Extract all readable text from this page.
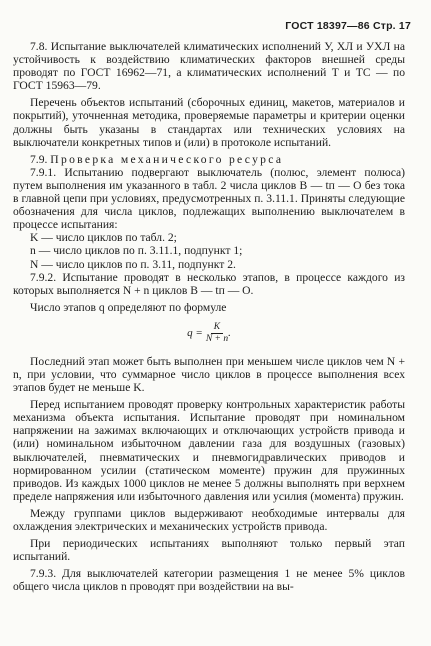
ГОСТ 18397—86 Стр. 17

7.8. Испытание выключателей климатических исполнений У, ХЛ и УХЛ на устойчивость к воздействию климатических факторов внешней среды проводят по ГОСТ 16962—71, а климатических исполнений Т и ТС — по ГОСТ 15963—79.

Перечень объектов испытаний (сборочных единиц, макетов, материалов и покрытий), уточненная методика, проверяемые параметры и критерии оценки должны быть указаны в стандартах или технических условиях на выключатели конкретных типов и (или) в протоколе испытаний.

7.9. Проверка механического ресурса

7.9.1. Испытанию подвергают выключатель (полюс, элемент полюса) путем выполнения им указанного в табл. 2 числа циклов В — tп — О без тока в главной цепи при условиях, предусмотренных п. 3.11.1. Приняты следующие обозначения для числа циклов, подлежащих выполнению выключателем в процессе испытания:

K — число циклов по табл. 2;

n — число циклов по п. 3.11.1, подпункт 1;

N — число циклов по п. 3.11, подпункт 2.

7.9.2. Испытание проводят в несколько этапов, в процессе каждого из которых выполняется N + n циклов В — tп — О.

Число этапов q определяют по формуле

$q = \frac{K}{N + n}$ .

Последний этап может быть выполнен при меньшем числе циклов чем N + n, при условии, что суммарное число циклов в процессе выполнения всех этапов будет не меньше K.

Перед испытанием проводят проверку контрольных характеристик работы механизма объекта испытания. Испытание проводят при номинальном напряжении на зажимах включающих и отключающих устройств привода и (или) номинальном избыточном давлении газа для воздушных (газовых) выключателей, пневматических и пневмогидравлических приводов и нормированном усилии (статическом моменте) пружин для пружинных приводов. Из каждых 1000 циклов не менее 5 должны выполнять при верхнем пределе напряжения или избыточного давления или усилия (момента) пружин.

Между группами циклов выдерживают необходимые интервалы для охлаждения электрических и механических устройств привода.

При периодических испытаниях выполняют только первый этап испытаний.

7.9.3. Для выключателей категории размещения 1 не менее 5% циклов общего числа циклов n проводят при воздействии на вы-
